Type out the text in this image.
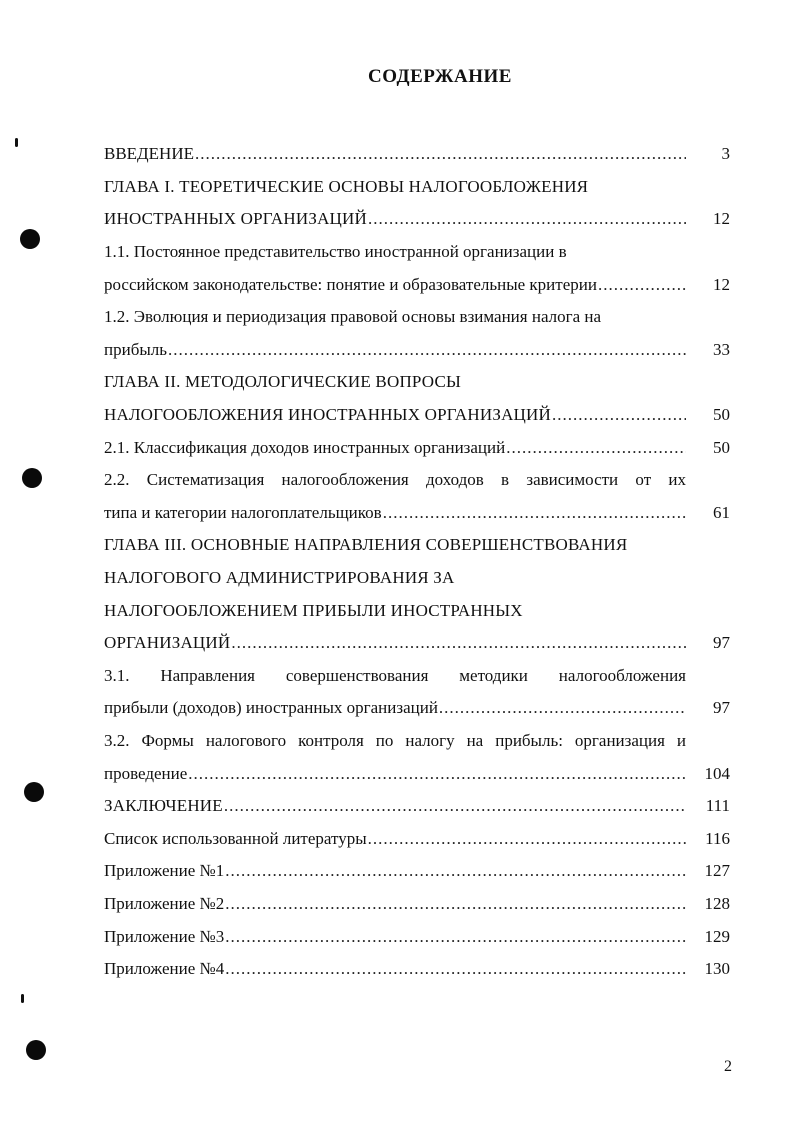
СОДЕРЖАНИЕ
ВВЕДЕНИЕ .....	3
ГЛАВА I. ТЕОРЕТИЧЕСКИЕ ОСНОВЫ НАЛОГООБЛОЖЕНИЯ
ИНОСТРАННЫХ ОРГАНИЗАЦИЙ .....	12
1.1. Постоянное представительство иностранной организации в
российском законодательстве: понятие и образовательные критерии .....	12
1.2. Эволюция и периодизация правовой основы взимания налога на
прибыль .....	33
ГЛАВА II. МЕТОДОЛОГИЧЕСКИЕ ВОПРОСЫ
НАЛОГООБЛОЖЕНИЯ ИНОСТРАННЫХ ОРГАНИЗАЦИЙ .....	50
2.1. Классификация доходов иностранных организаций .....	50
2.2. Систематизация налогообложения доходов в зависимости от их
типа и категории налогоплательщиков .....	61
ГЛАВА III. ОСНОВНЫЕ НАПРАВЛЕНИЯ СОВЕРШЕНСТВОВАНИЯ
НАЛОГОВОГО АДМИНИСТРИРОВАНИЯ ЗА
НАЛОГООБЛОЖЕНИЕМ ПРИБЫЛИ ИНОСТРАННЫХ
ОРГАНИЗАЦИЙ .....	97
3.1. Направления совершенствования методики налогообложения
прибыли (доходов) иностранных организаций .....	97
3.2. Формы налогового контроля по налогу на прибыль: организация и
проведение .....	104
ЗАКЛЮЧЕНИЕ .....	111
Список использованной литературы .....	116
Приложение №1 .....	127
Приложение №2 .....	128
Приложение №3 .....	129
Приложение №4 .....	130
2
